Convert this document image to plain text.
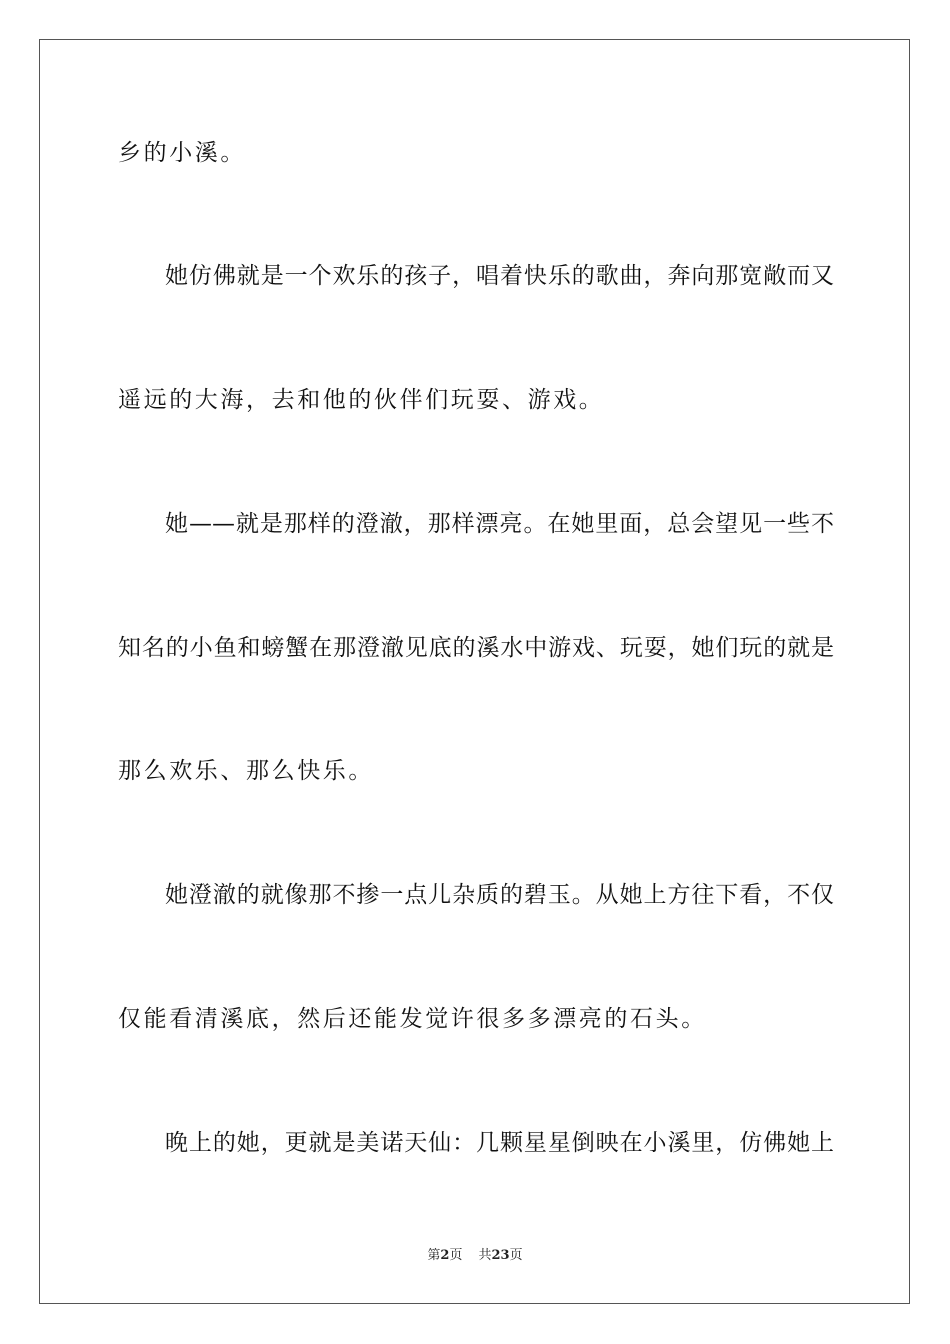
乡的小溪。
她仿佛就是一个欢乐的孩子，唱着快乐的歌曲，奔向那宽敞而又
遥远的大海，去和他的伙伴们玩耍、游戏。
她——就是那样的澄澈，那样漂亮。在她里面，总会望见一些不
知名的小鱼和螃蟹在那澄澈见底的溪水中游戏、玩耍，她们玩的就是
那么欢乐、那么快乐。
她澄澈的就像那不掺一点儿杂质的碧玉。从她上方往下看，不仅
仅能看清溪底，然后还能发觉许很多多漂亮的石头。
晚上的她，更就是美诺天仙：几颗星星倒映在小溪里，仿佛她上
第2页 共23页
